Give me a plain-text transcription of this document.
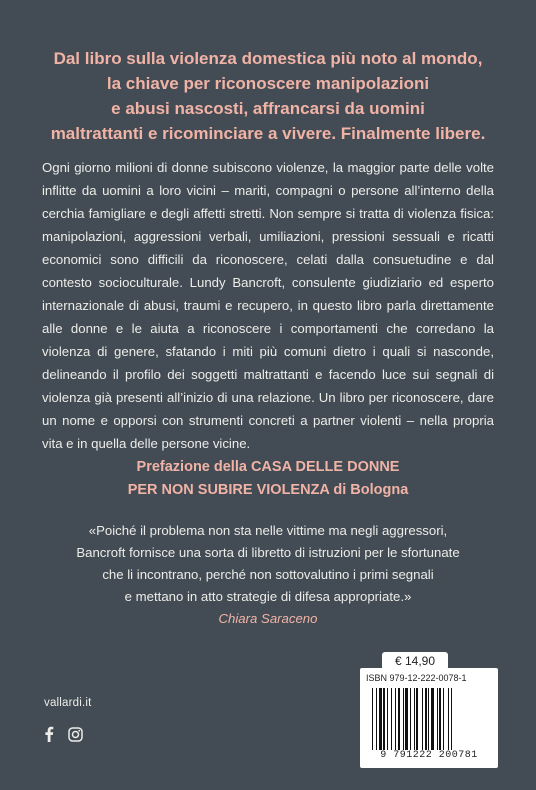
Dal libro sulla violenza domestica più noto al mondo,
la chiave per riconoscere manipolazioni
e abusi nascosti, affrancarsi da uomini
maltrattanti e ricominciare a vivere. Finalmente libere.
Ogni giorno milioni di donne subiscono violenze, la maggior parte delle volte inflitte da uomini a loro vicini – mariti, compagni o persone all’interno della cerchia famigliare e degli affetti stretti. Non sempre si tratta di violenza fisica: manipolazioni, aggressioni verbali, umiliazioni, pressioni sessuali e ricatti economici sono difficili da riconoscere, celati dalla consuetudine e dal contesto socioculturale. Lundy Bancroft, consulente giudiziario ed esperto internazionale di abusi, traumi e recupero, in questo libro parla direttamente alle donne e le aiuta a riconoscere i comportamenti che corredano la violenza di genere, sfatando i miti più comuni dietro i quali si nasconde, delineando il profilo dei soggetti maltrattanti e facendo luce sui segnali di violenza già presenti all’inizio di una relazione. Un libro per riconoscere, dare un nome e opporsi con strumenti concreti a partner violenti – nella propria vita e in quella delle persone vicine.
Prefazione della CASA DELLE DONNE
PER NON SUBIRE VIOLENZA di Bologna
«Poiché il problema non sta nelle vittime ma negli aggressori,
Bancroft fornisce una sorta di libretto di istruzioni per le sfortunate
che li incontrano, perché non sottovalutino i primi segnali
e mettano in atto strategie di difesa appropriate.»
Chiara Saraceno
vallardi.it
€ 14,90
ISBN 979-12-222-0078-1
9 791222 200781
